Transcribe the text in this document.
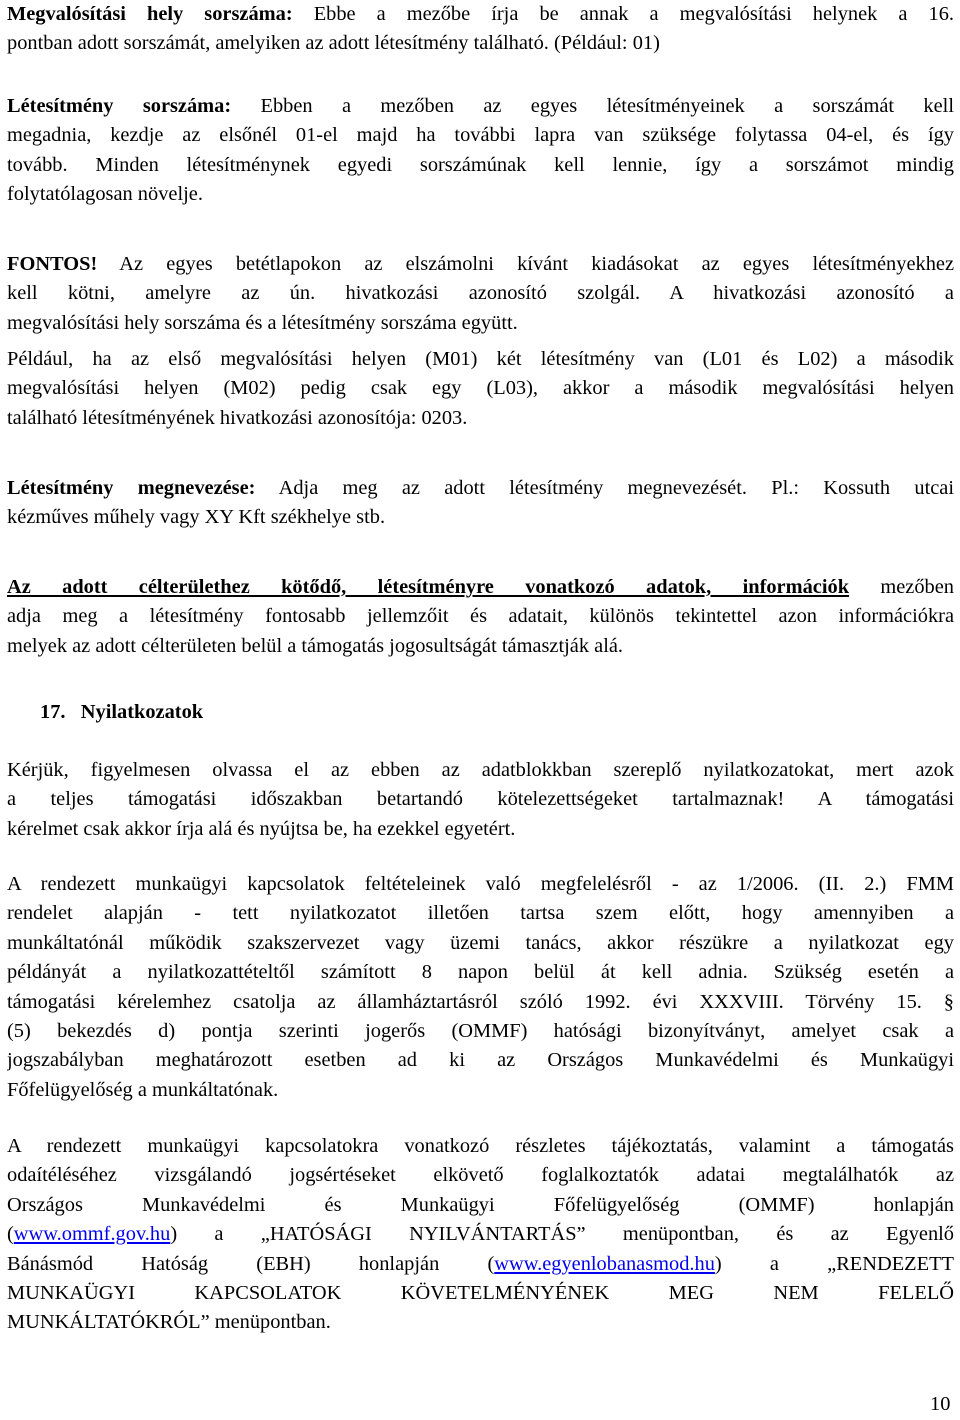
Megvalósítási hely sorszáma: Ebbe a mezőbe írja be annak a megvalósítási helynek a 16.
pontban adott sorszámát, amelyiken az adott létesítmény található. (Például: 01)
Létesítmény sorszáma: Ebben a mezőben az egyes létesítményeinek a sorszámát kell
megadnia, kezdje az elsőnél 01-el majd ha további lapra van szüksége folytassa 04-el, és így
tovább. Minden létesítménynek egyedi sorszámúnak kell lennie, így a sorszámot mindig
folytatólagosan növelje.
FONTOS! Az egyes betétlapokon az elszámolni kívánt kiadásokat az egyes létesítményekhez
kell kötni, amelyre az ún. hivatkozási azonosító szolgál. A hivatkozási azonosító a
megvalósítási hely sorszáma és a létesítmény sorszáma együtt.
Például, ha az első megvalósítási helyen (M01) két létesítmény van (L01 és L02) a második
megvalósítási helyen (M02) pedig csak egy (L03), akkor a második megvalósítási helyen
található létesítményének hivatkozási azonosítója: 0203.
Létesítmény megnevezése: Adja meg az adott létesítmény megnevezését. Pl.: Kossuth utcai
kézműves műhely vagy XY Kft székhelye stb.
Az adott célterülethez kötődő, létesítményre vonatkozó adatok, információk mezőben
adja meg a létesítmény fontosabb jellemzőit és adatait, különös tekintettel azon információkra
melyek az adott célterületen belül a támogatás jogosultságát támasztják alá.
17.   Nyilatkozatok
Kérjük, figyelmesen olvassa el az ebben az adatblokkban szereplő nyilatkozatokat, mert azok
a teljes támogatási időszakban betartandó kötelezettségeket tartalmaznak! A támogatási
kérelmet csak akkor írja alá és nyújtsa be, ha ezekkel egyetért.
A rendezett munkaügyi kapcsolatok feltételeinek való megfelelésről - az 1/2006. (II. 2.) FMM
rendelet alapján - tett nyilatkozatot illetően tartsa szem előtt, hogy amennyiben a
munkáltatónál működik szakszervezet vagy üzemi tanács, akkor részükre a nyilatkozat egy
példányát a nyilatkozattételtől számított 8 napon belül át kell adnia. Szükség esetén a
támogatási kérelemhez csatolja az államháztartásról szóló 1992. évi XXXVIII. Törvény 15. §
(5) bekezdés d) pontja szerinti jogerős (OMMF) hatósági bizonyítványt, amelyet csak a
jogszabályban meghatározott esetben ad ki az Országos Munkavédelmi és Munkaügyi
Főfelügyelőség a munkáltatónak.
A rendezett munkaügyi kapcsolatokra vonatkozó részletes tájékoztatás, valamint a támogatás
odaítéléséhez vizsgálandó jogsértéseket elkövető foglalkoztatók adatai megtalálhatók az
Országos Munkavédelmi és Munkaügyi Főfelügyelőség (OMMF) honlapján
(www.ommf.gov.hu) a „HATÓSÁGI NYILVÁNTARTÁS” menüpontban, és az Egyenlő
Bánásmód Hatóság (EBH) honlapján (www.egyenlobanasmod.hu) a „RENDEZETT
MUNKAÜGYI KAPCSOLATOK KÖVETELMÉNYÉNEK MEG NEM FELELŐ
MUNKÁLTATÓKRÓL” menüpontban.
10
